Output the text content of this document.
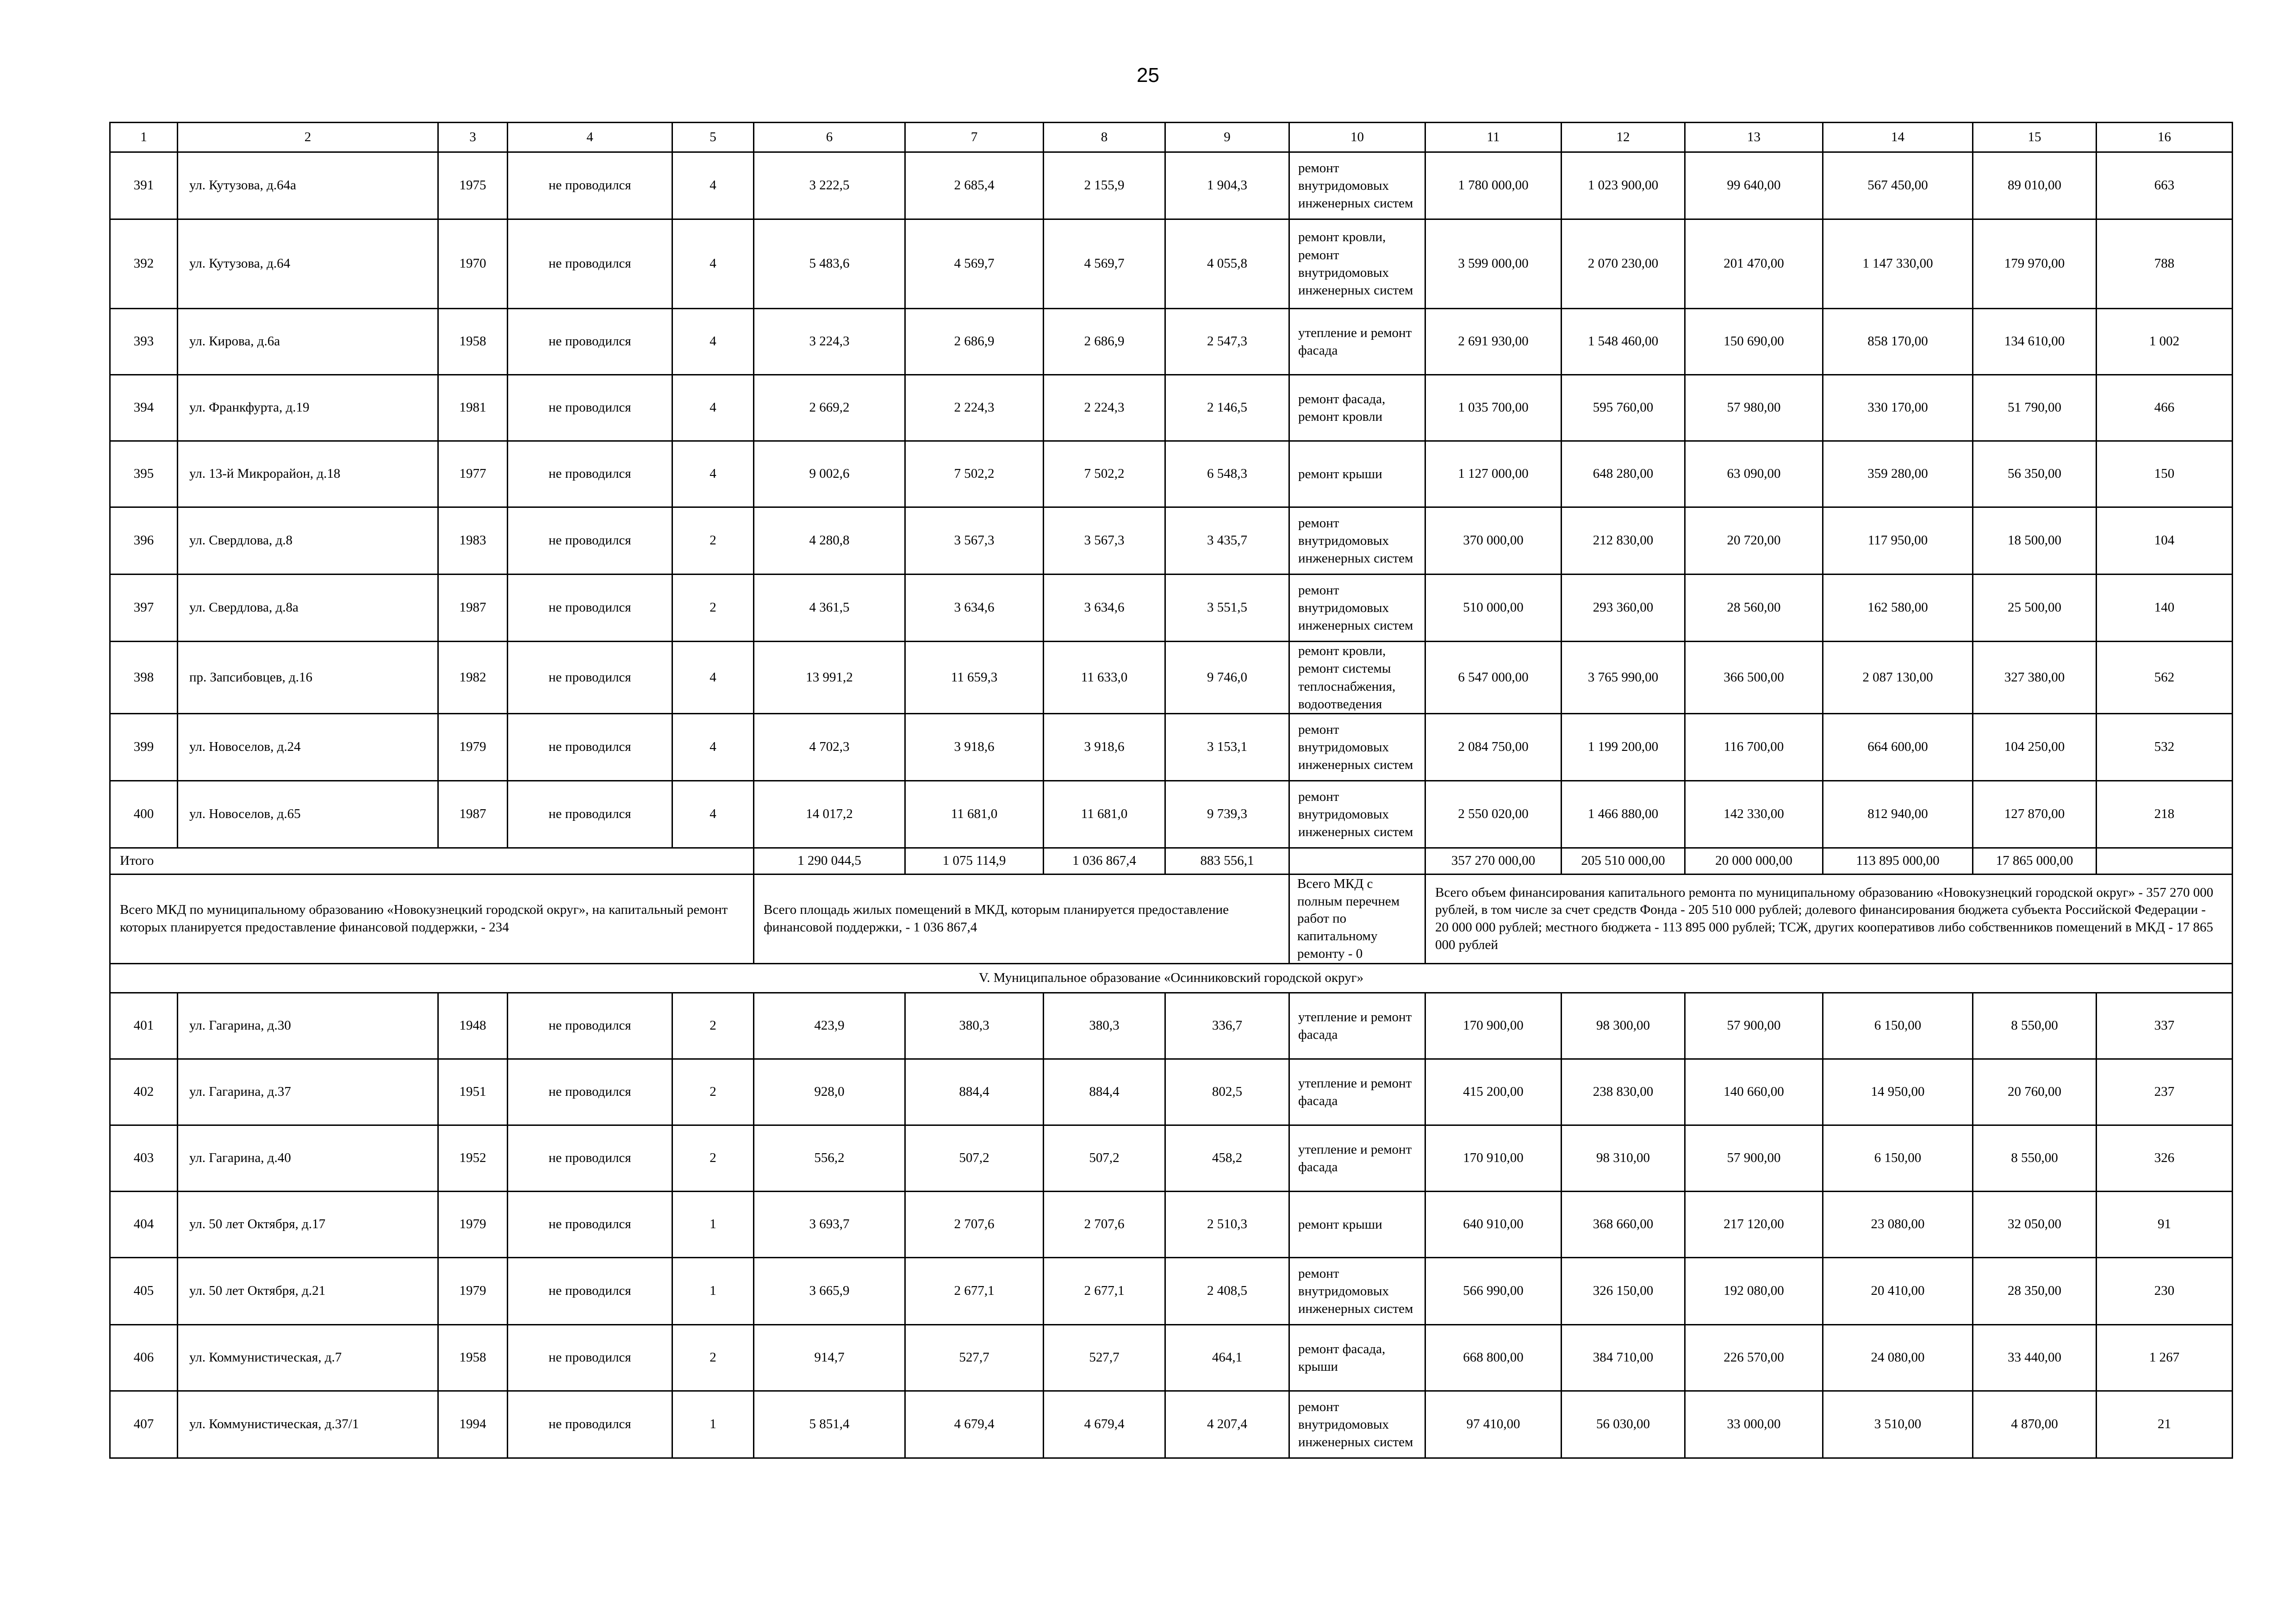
25
1	2	3	4	5	6	7	8	9	10	11	12	13	14	15	16
391	ул. Кутузова, д.64а	1975	не проводился	4	3 222,5	2 685,4	2 155,9	1 904,3	ремонт внутридомовых инженерных систем	1 780 000,00	1 023 900,00	99 640,00	567 450,00	89 010,00	663
392	ул. Кутузова, д.64	1970	не проводился	4	5 483,6	4 569,7	4 569,7	4 055,8	ремонт кровли, ремонт внутридомовых инженерных систем	3 599 000,00	2 070 230,00	201 470,00	1 147 330,00	179 970,00	788
393	ул. Кирова, д.6а	1958	не проводился	4	3 224,3	2 686,9	2 686,9	2 547,3	утепление и ремонт фасада	2 691 930,00	1 548 460,00	150 690,00	858 170,00	134 610,00	1 002
394	ул. Франкфурта, д.19	1981	не проводился	4	2 669,2	2 224,3	2 224,3	2 146,5	ремонт фасада, ремонт кровли	1 035 700,00	595 760,00	57 980,00	330 170,00	51 790,00	466
395	ул. 13-й Микрорайон, д.18	1977	не проводился	4	9 002,6	7 502,2	7 502,2	6 548,3	ремонт крыши	1 127 000,00	648 280,00	63 090,00	359 280,00	56 350,00	150
396	ул. Свердлова, д.8	1983	не проводился	2	4 280,8	3 567,3	3 567,3	3 435,7	ремонт внутридомовых инженерных систем	370 000,00	212 830,00	20 720,00	117 950,00	18 500,00	104
397	ул. Свердлова, д.8а	1987	не проводился	2	4 361,5	3 634,6	3 634,6	3 551,5	ремонт внутридомовых инженерных систем	510 000,00	293 360,00	28 560,00	162 580,00	25 500,00	140
398	пр. Запсибовцев, д.16	1982	не проводился	4	13 991,2	11 659,3	11 633,0	9 746,0	ремонт кровли, ремонт системы теплоснабжения, водоотведения	6 547 000,00	3 765 990,00	366 500,00	2 087 130,00	327 380,00	562
399	ул. Новоселов, д.24	1979	не проводился	4	4 702,3	3 918,6	3 918,6	3 153,1	ремонт внутридомовых инженерных систем	2 084 750,00	1 199 200,00	116 700,00	664 600,00	104 250,00	532
400	ул. Новоселов, д.65	1987	не проводился	4	14 017,2	11 681,0	11 681,0	9 739,3	ремонт внутридомовых инженерных систем	2 550 020,00	1 466 880,00	142 330,00	812 940,00	127 870,00	218
Итого					1 290 044,5	1 075 114,9	1 036 867,4	883 556,1		357 270 000,00	205 510 000,00	20 000 000,00	113 895 000,00	17 865 000,00	
Всего МКД по муниципальному образованию «Новокузнецкий городской округ», на капитальный ремонт которых планируется предоставление финансовой поддержки, - 234					Всего площадь жилых помещений в МКД, которым планируется предоставление финансовой поддержки, - 1 036 867,4				Всего МКД с полным перечнем работ по капитальному ремонту - 0	Всего объем финансирования капитального ремонта по муниципальному образованию «Новокузнецкий городской округ» - 357 270 000 рублей, в том числе за счет средств Фонда - 205 510 000 рублей; долевого финансирования бюджета субъекта Российской Федерации - 20 000 000 рублей; местного бюджета - 113 895 000 рублей; ТСЖ, других кооперативов либо собственников помещений в МКД - 17 865 000 рублей					
V. Муниципальное образование «Осинниковский городской округ»															
401	ул. Гагарина, д.30	1948	не проводился	2	423,9	380,3	380,3	336,7	утепление и ремонт фасада	170 900,00	98 300,00	57 900,00	6 150,00	8 550,00	337
402	ул. Гагарина, д.37	1951	не проводился	2	928,0	884,4	884,4	802,5	утепление и ремонт фасада	415 200,00	238 830,00	140 660,00	14 950,00	20 760,00	237
403	ул. Гагарина, д.40	1952	не проводился	2	556,2	507,2	507,2	458,2	утепление и ремонт фасада	170 910,00	98 310,00	57 900,00	6 150,00	8 550,00	326
404	ул. 50 лет Октября, д.17	1979	не проводился	1	3 693,7	2 707,6	2 707,6	2 510,3	ремонт крыши	640 910,00	368 660,00	217 120,00	23 080,00	32 050,00	91
405	ул. 50 лет Октября, д.21	1979	не проводился	1	3 665,9	2 677,1	2 677,1	2 408,5	ремонт внутридомовых инженерных систем	566 990,00	326 150,00	192 080,00	20 410,00	28 350,00	230
406	ул. Коммунистическая, д.7	1958	не проводился	2	914,7	527,7	527,7	464,1	ремонт фасада, крыши	668 800,00	384 710,00	226 570,00	24 080,00	33 440,00	1 267
407	ул. Коммунистическая, д.37/1	1994	не проводился	1	5 851,4	4 679,4	4 679,4	4 207,4	ремонт внутридомовых инженерных систем	97 410,00	56 030,00	33 000,00	3 510,00	4 870,00	21
